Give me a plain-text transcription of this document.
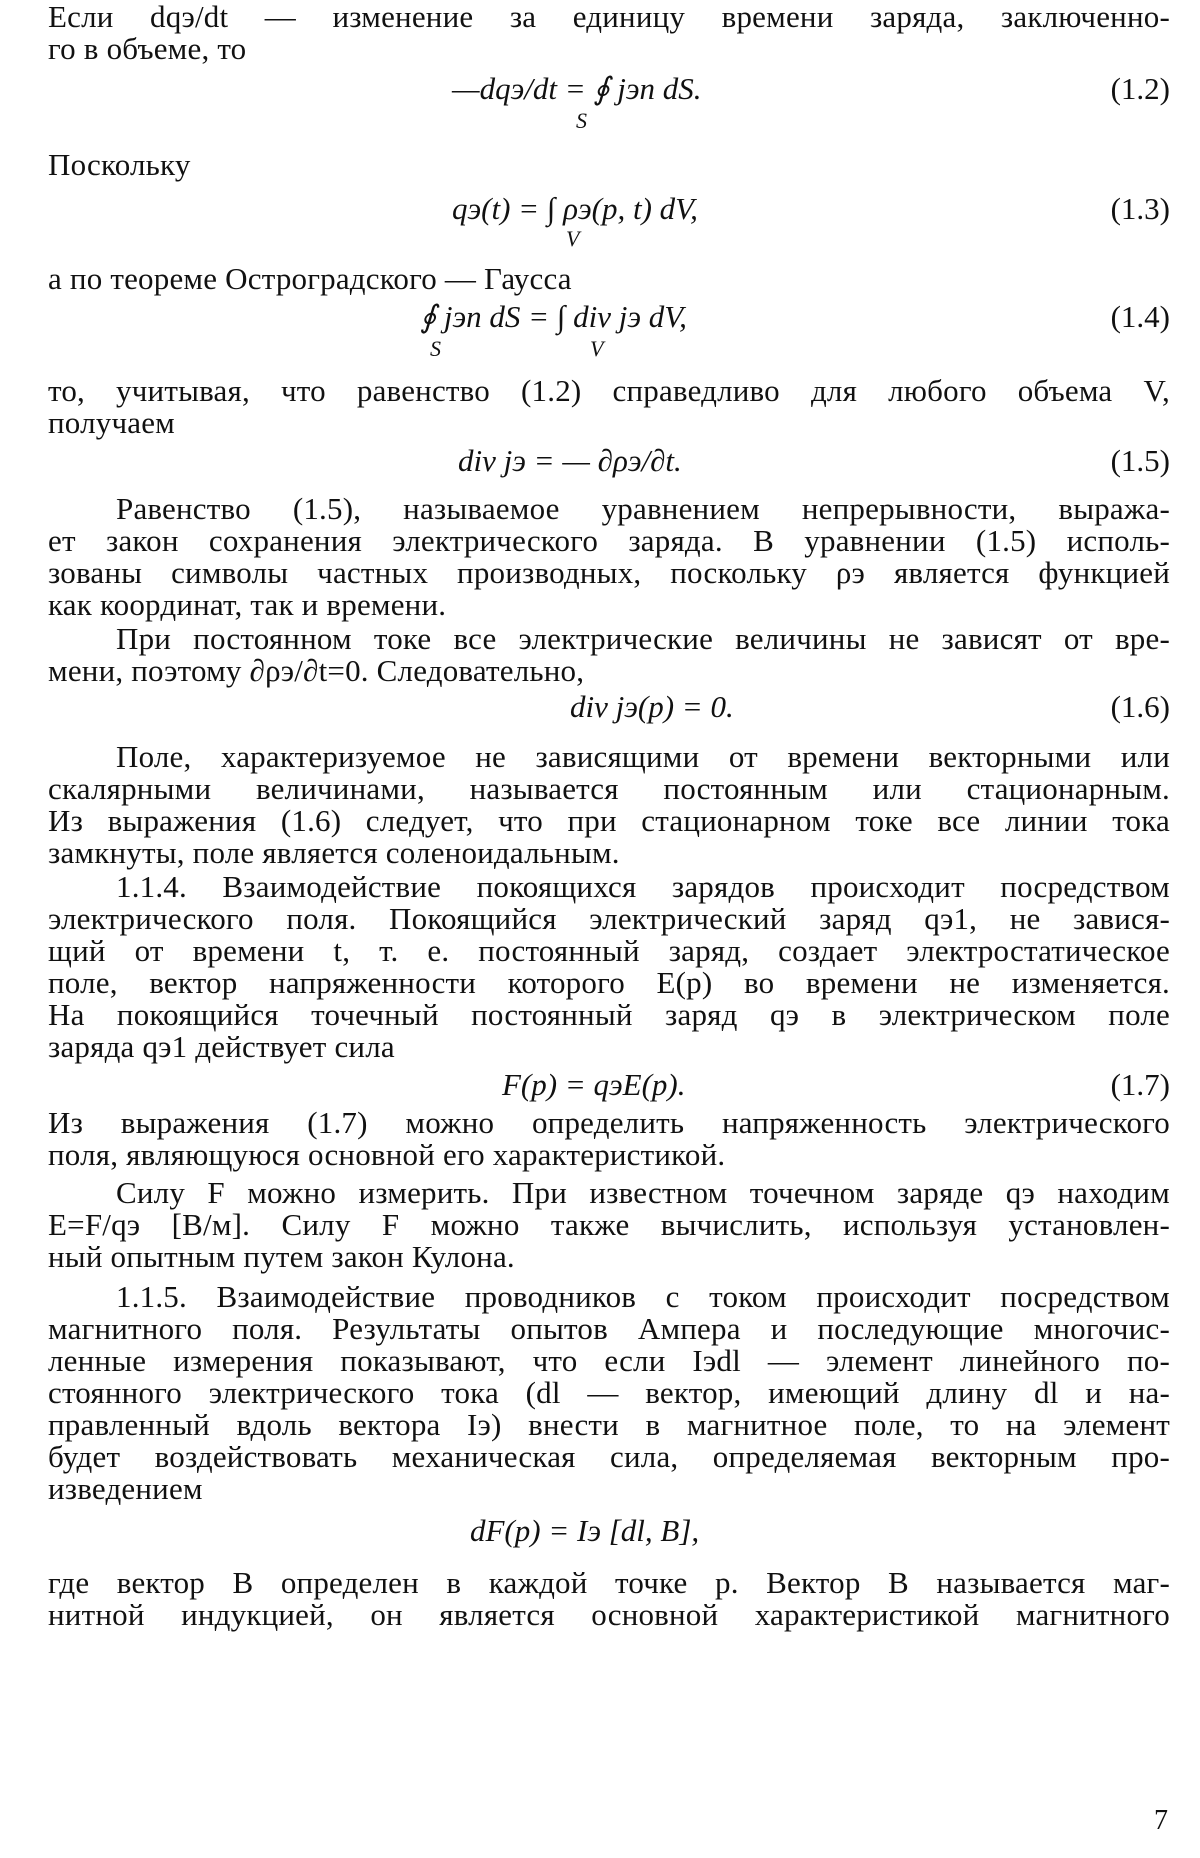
Если dqэ/dt — изменение за единицу времени заряда, заключенно-
го в объеме, то
—dqэ/dt = ∮ jэn dS.
S
(1.2)
Поскольку
qэ(t) = ∫ ρэ(p, t) dV,
V
(1.3)
а по теореме Остроградского — Гаусса
∮ jэn dS = ∫ div jэ dV,
S	V
(1.4)
то, учитывая, что равенство (1.2) справедливо для любого объема V,
получаем
div jэ = — ∂ρэ/∂t.	(1.5)
Равенство (1.5), называемое уравнением непрерывности, выража-
ет закон сохранения электрического заряда. В уравнении (1.5) исполь-
зованы символы частных производных, поскольку ρэ является функцией
как координат, так и времени.
При постоянном токе все электрические величины не зависят от вре-
мени, поэтому ∂ρэ/∂t=0. Следовательно,
div jэ(p) = 0.	(1.6)
Поле, характеризуемое не зависящими от времени векторными или
скалярными величинами, называется постоянным или стационарным.
Из выражения (1.6) следует, что при стационарном токе все линии тока
замкнуты, поле является соленоидальным.
1.1.4. Взаимодействие покоящихся зарядов происходит посредством
электрического поля. Покоящийся электрический заряд qэ1, не завися-
щий от времени t, т. е. постоянный заряд, создает электростатическое
поле, вектор напряженности которого E(p) во времени не изменяется.
На покоящийся точечный постоянный заряд qэ в электрическом поле
заряда qэ1 действует сила
F(p) = qэE(p).	(1.7)
Из выражения (1.7) можно определить напряженность электрического
поля, являющуюся основной его характеристикой.
Силу F можно измерить. При известном точечном заряде qэ находим
E=F/qэ [В/м]. Силу F можно также вычислить, используя установлен-
ный опытным путем закон Кулона.
1.1.5. Взаимодействие проводников с током происходит посредством
магнитного поля. Результаты опытов Ампера и последующие многочис-
ленные измерения показывают, что если Iэdl — элемент линейного по-
стоянного электрического тока (dl — вектор, имеющий длину dl и на-
правленный вдоль вектора Iэ) внести в магнитное поле, то на элемент
будет воздействовать механическая сила, определяемая векторным про-
изведением
dF(p) = Iэ [dl, B],
где вектор B определен в каждой точке p. Вектор B называется маг-
нитной индукцией, он является основной характеристикой магнитного
7
